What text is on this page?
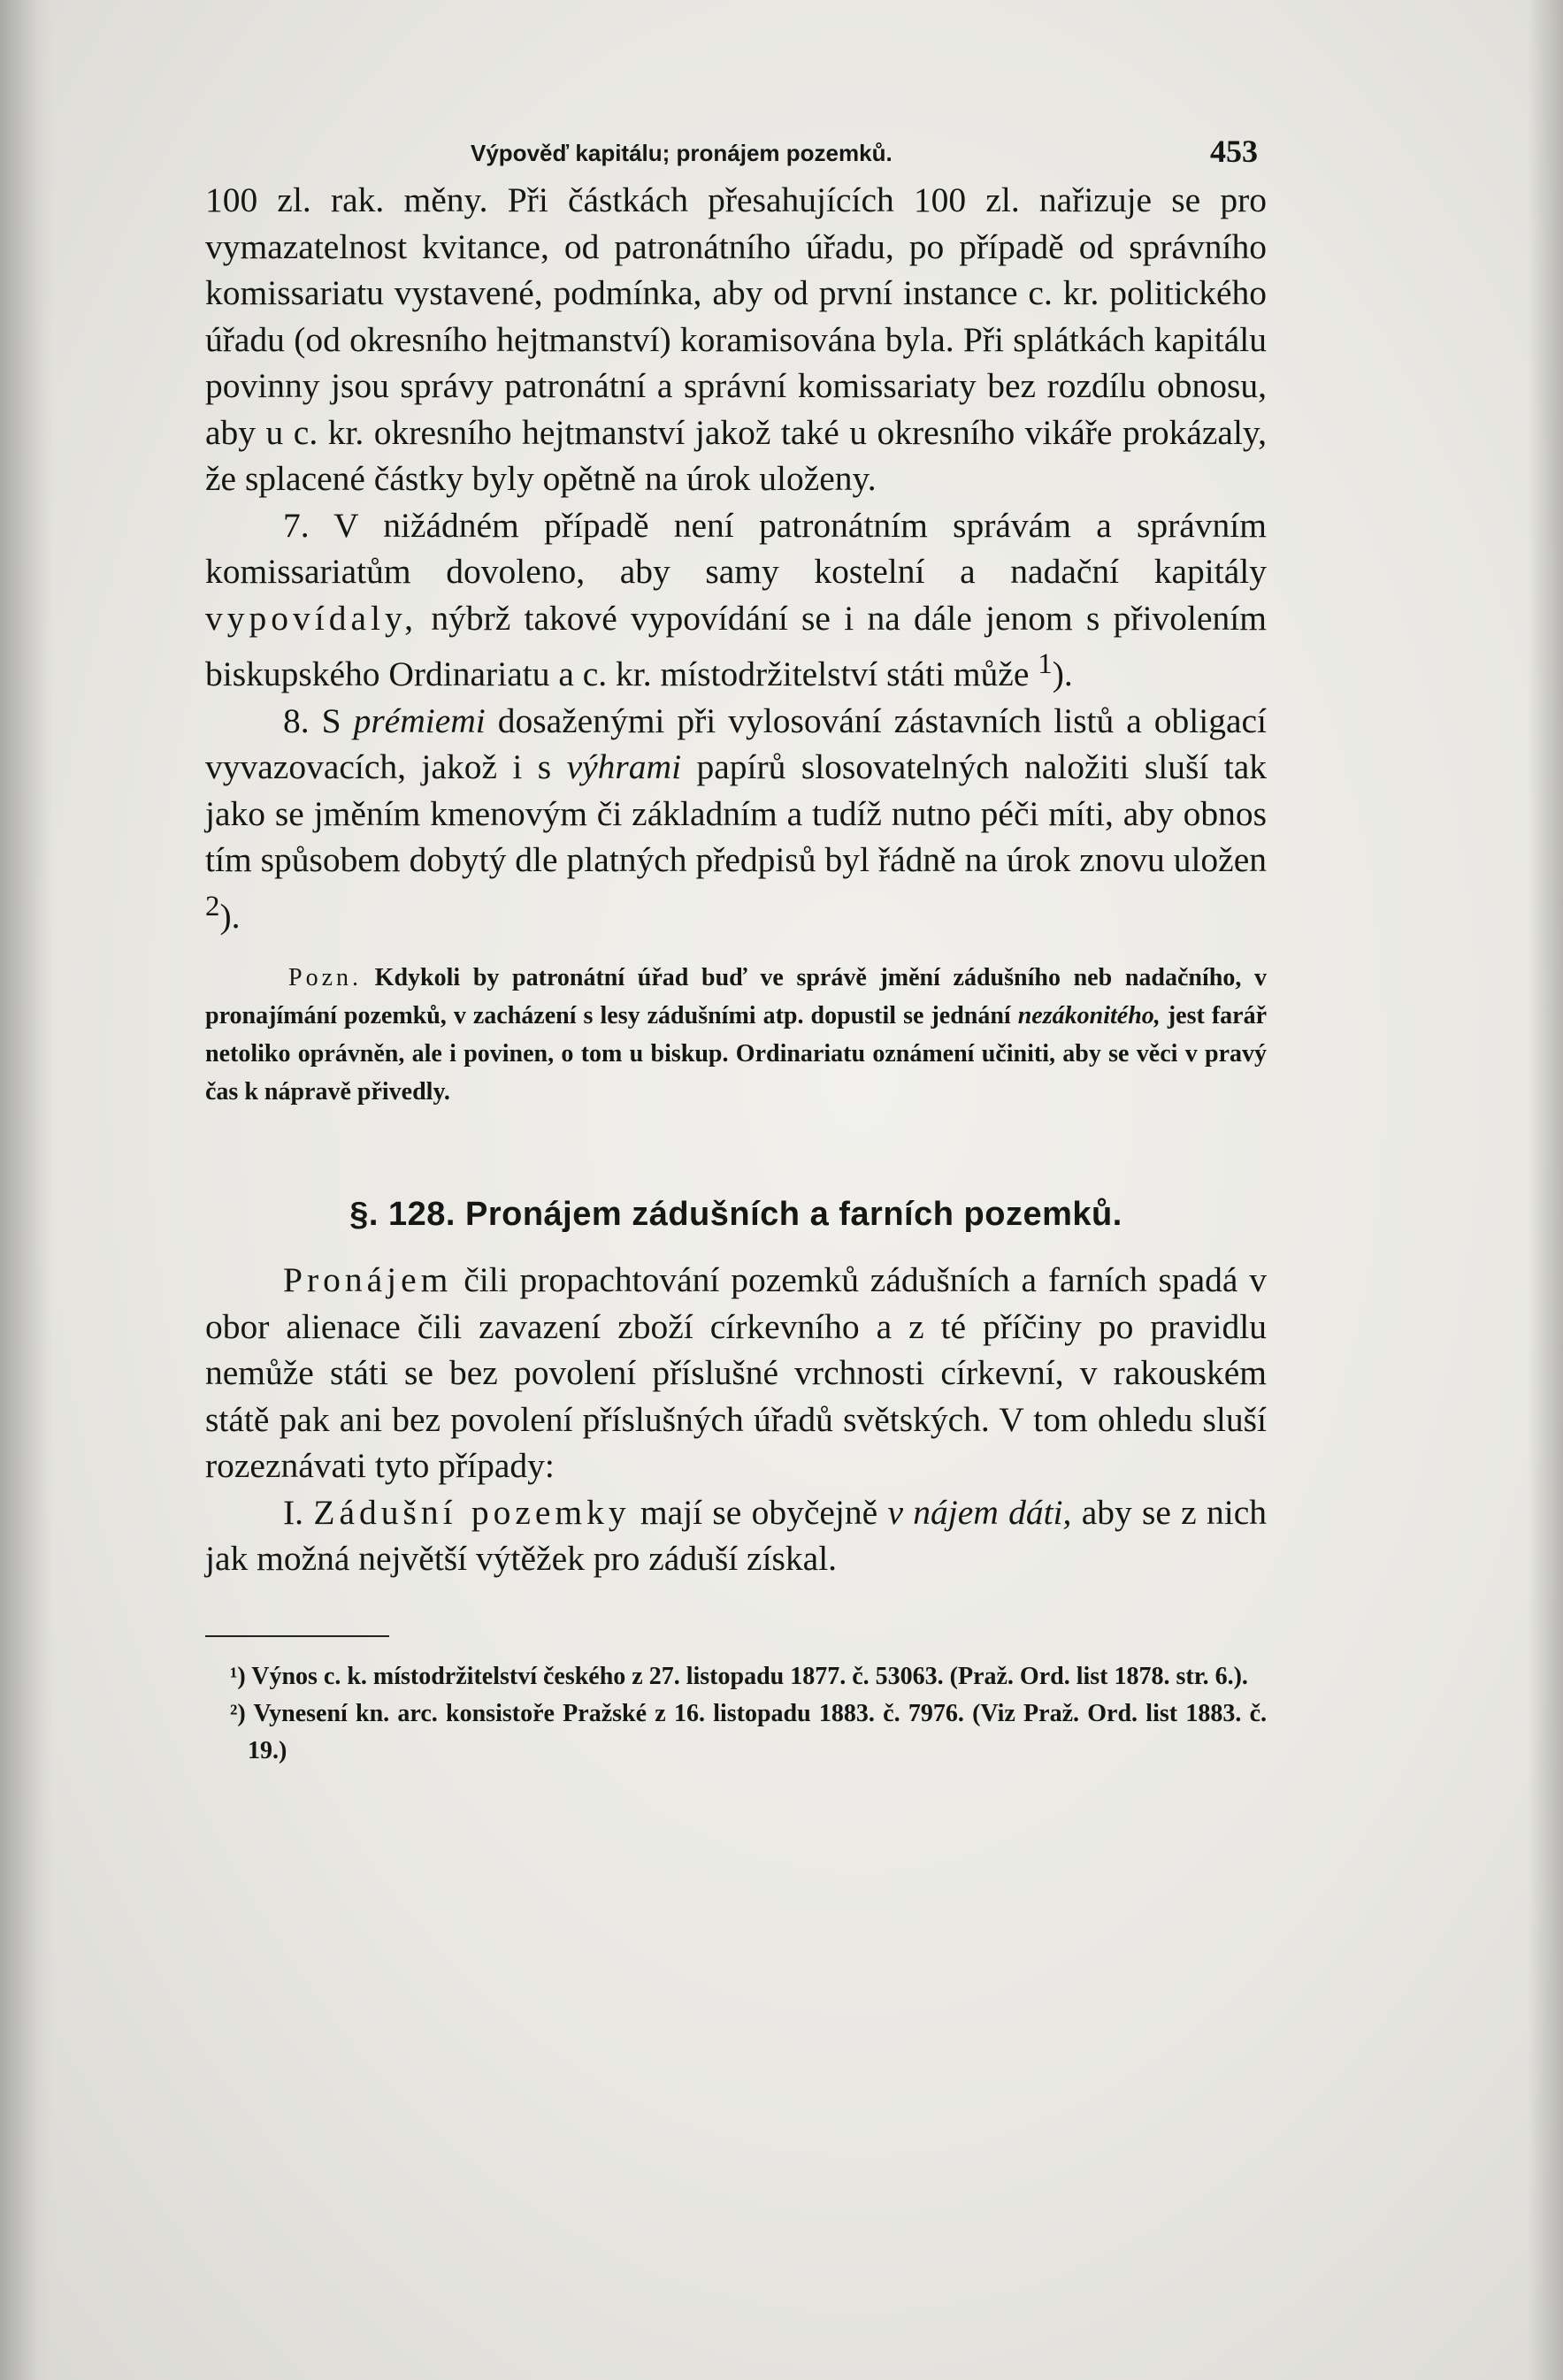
Výpověď kapitálu; pronájem pozemků.	453

100 zl. rak. měny. Při částkách přesahujících 100 zl. nařizuje se pro vymazatelnost kvitance, od patronátního úřadu, po případě od správního komissariatu vystavené, podmínka, aby od první instance c. kr. politického úřadu (od okresního hejtmanství) koramisována byla. Při splátkách kapitálu povinny jsou správy patronátní a správní komissariaty bez rozdílu obnosu, aby u c. kr. okresního hejtmanství jakož také u okresního vikáře prokázaly, že splacené částky byly opětně na úrok uloženy.

7. V nižádném případě není patronátním správám a správním komissariatům dovoleno, aby samy kostelní a nadační kapitály vypovídaly, nýbrž takové vypovídání se i na dále jenom s přivolením biskupského Ordinariatu a c. kr. místodržitelství státi může $^1$).

8. S prémiemi dosaženými při vylosování zástavních listů a obligací vyvazovacích, jakož i s výhrami papírů slosovatelných naložiti sluší tak jako se jměním kmenovým či základním a tudíž nutno péči míti, aby obnos tím spůsobem dobytý dle platných předpisů byl řádně na úrok znovu uložen $^2$).

Pozn. Kdykoli by patronátní úřad buď ve správě jmění zádušního neb nadačního, v pronajímání pozemků, v zacházení s lesy zádušními atp. dopustil se jednání nezákonitého, jest farář netoliko oprávněn, ale i povinen, o tom u biskup. Ordinariatu oznámení učiniti, aby se věci v pravý čas k nápravě přivedly.

§. 128. Pronájem zádušních a farních pozemků.

Pronájem čili propachtování pozemků zádušních a farních spadá v obor alienace čili zavazení zboží církevního a z té příčiny po pravidlu nemůže státi se bez povolení příslušné vrchnosti církevní, v rakouském státě pak ani bez povolení příslušných úřadů světských. V tom ohledu sluší rozeznávati tyto případy:

I. Zádušní pozemky mají se obyčejně v nájem dáti, aby se z nich jak možná největší výtěžek pro záduší získal.

¹) Výnos c. k. místodržitelství českého z 27. listopadu 1877. č. 53063. (Praž. Ord. list 1878. str. 6.).

²) Vynesení kn. arc. konsistoře Pražské z 16. listopadu 1883. č. 7976. (Viz Praž. Ord. list 1883. č. 19.)
